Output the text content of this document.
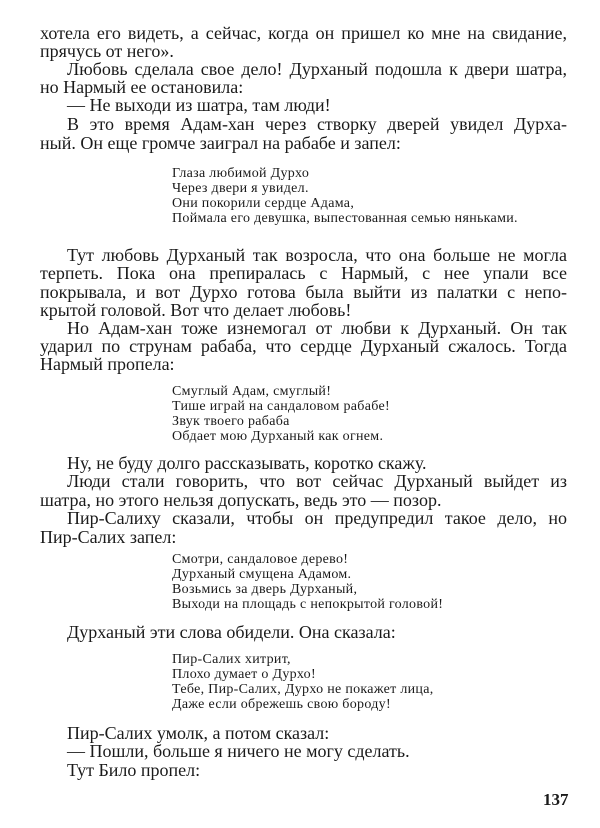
137
хотела его видеть, а сейчас, когда он пришел ко мне на свидание,
прячусь от него».
Любовь сделала свое дело! Дурханый подошла к двери шатра,
но Нармый ее остановила:
— Не выходи из шатра, там люди!
В это время Адам-хан через створку дверей увидел Дурха-
ный. Он еще громче заиграл на рабабе и запел:
Глаза любимой Дурхо
Через двери я увидел.
Они покорили сердце Адама,
Поймала его девушка, выпестованная семью няньками.
Тут любовь Дурханый так возросла, что она больше не могла
терпеть. Пока она препиралась с Нармый, с нее упали все
покрывала, и вот Дурхо готова была выйти из палатки с непо-
крытой головой. Вот что делает любовь!
Но Адам-хан тоже изнемогал от любви к Дурханый. Он так
ударил по струнам рабаба, что сердце Дурханый сжалось. Тогда
Нармый пропела:
Смуглый Адам, смуглый!
Тише играй на сандаловом рабабе!
Звук твоего рабаба
Обдает мою Дурханый как огнем.
Ну, не буду долго рассказывать, коротко скажу.
Люди стали говорить, что вот сейчас Дурханый выйдет из
шатра, но этого нельзя допускать, ведь это — позор.
Пир-Салиху сказали, чтобы он предупредил такое дело, но
Пир-Салих запел:
Смотри, сандаловое дерево!
Дурханый смущена Адамом.
Возьмись за дверь Дурханый,
Выходи на площадь с непокрытой головой!
Дурханый эти слова обидели. Она сказала:
Пир-Салих хитрит,
Плохо думает о Дурхо!
Тебе, Пир-Салих, Дурхо не покажет лица,
Даже если обрежешь свою бороду!
Пир-Салих умолк, а потом сказал:
— Пошли, больше я ничего не могу сделать.
Тут Било пропел:
